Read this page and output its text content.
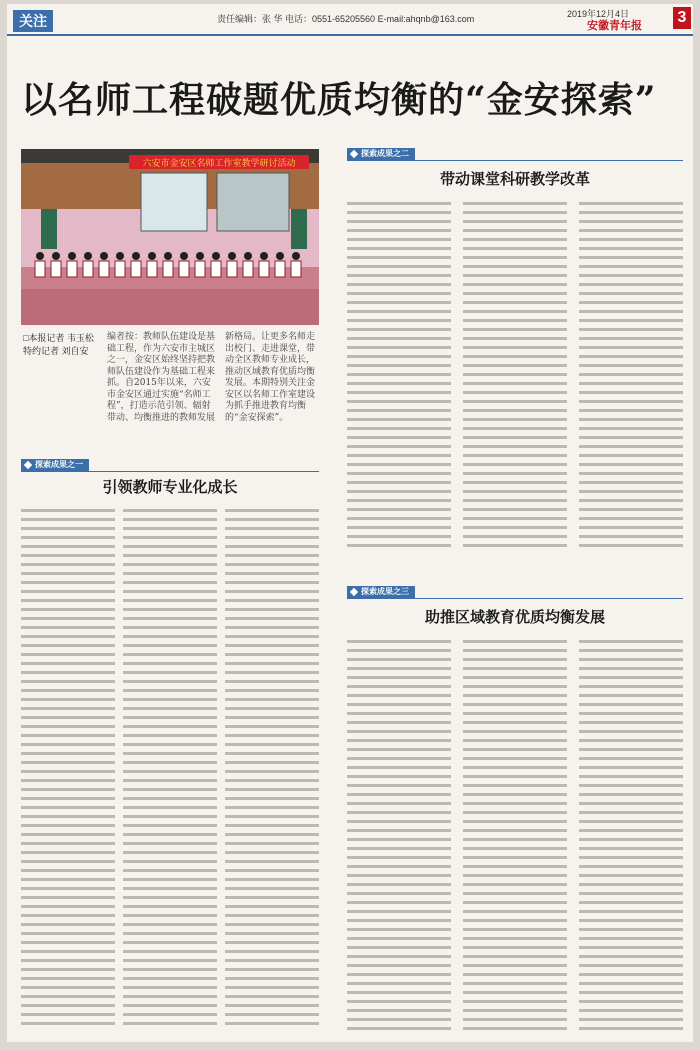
关注	责任编辑：张 华 电话：0551-65205560 E-mail:ahqnb@163.com	2019年12月4日
安徽青年报 3
以名师工程破题优质均衡的“金安探索”
六安市金安区名师工作室教学研讨活动
□本报记者 韦玉松
特约记者 刘自安
编者按：教师队伍建设是基础工程，作为六安市主城区之一，金安区始终坚持把教师队伍建设作为基础工程来抓。自2015年以来，六安市金安区通过实施“名师工程”，打造示范引领、辐射带动、均衡推进的教师发展
新格局。让更多名师走出校门、走进课堂，带动全区教师专业成长，推动区域教育优质均衡发展。本期特别关注金安区以名师工作室建设为抓手推进教育均衡的“金安探索”。
探索成果之一
引领教师专业化成长
探索成果之二
带动课堂科研教学改革
探索成果之三
助推区域教育优质均衡发展
